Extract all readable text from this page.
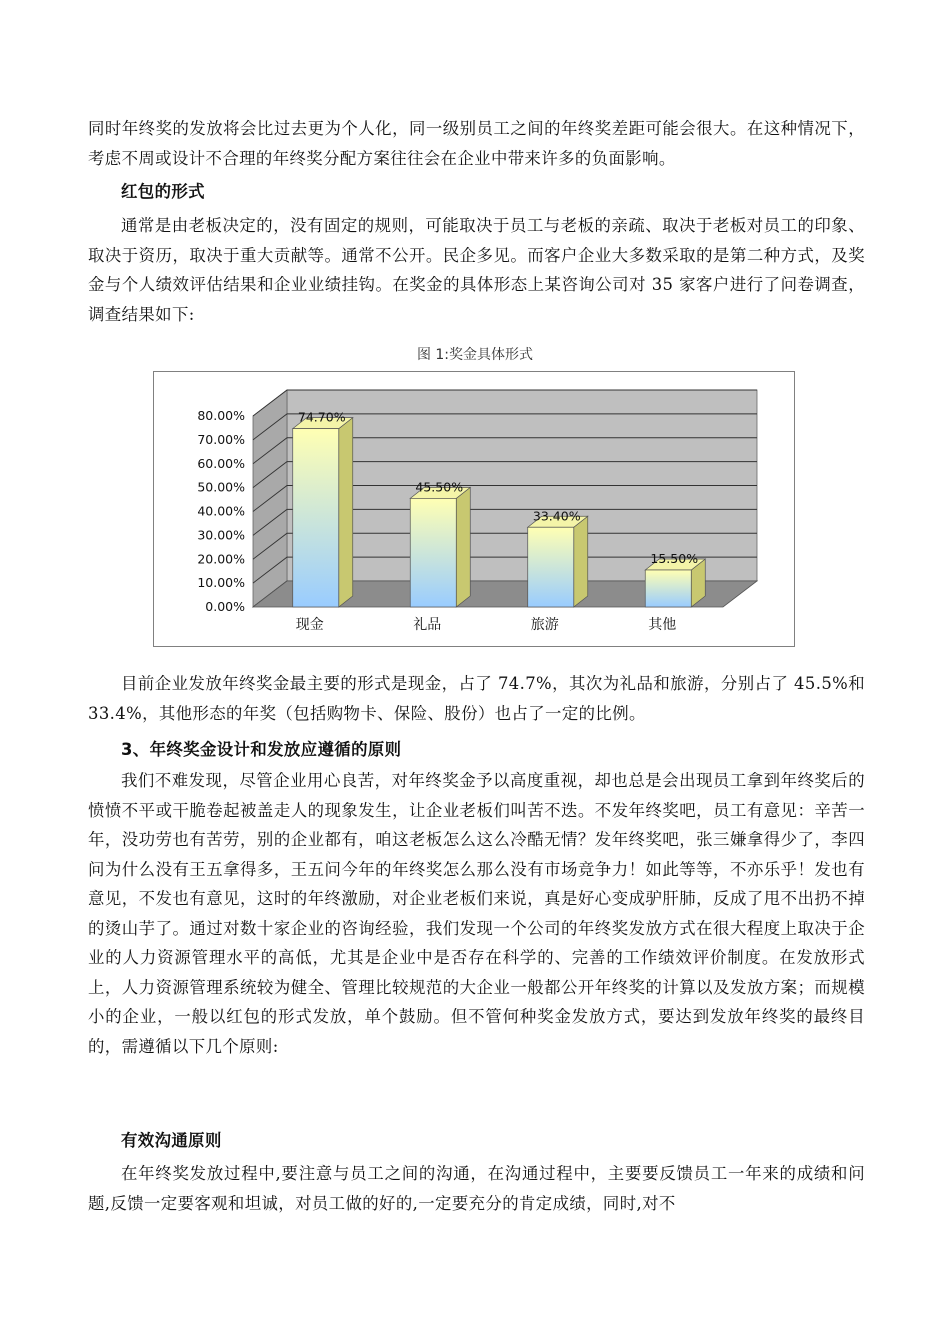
同时年终奖的发放将会比过去更为个人化，同一级别员工之间的年终奖差距可能会很大。在这种情况下，考虑不周或设计不合理的年终奖分配方案往往会在企业中带来许多的负面影响。

红包的形式

通常是由老板决定的，没有固定的规则，可能取决于员工与老板的亲疏、取决于老板对员工的印象、取决于资历，取决于重大贡献等。通常不公开。民企多见。而客户企业大多数采取的是第二种方式，及奖金与个人绩效评估结果和企业业绩挂钩。在奖金的具体形态上某咨询公司对 35 家客户进行了问卷调查，调查结果如下:

图 1:奖金具体形式
0.00%
10.00%
20.00%
30.00%
40.00%
50.00%
60.00%
70.00%
80.00%	74.70%
现金
45.50%
礼品
33.40%
旅游
15.50%
其他

目前企业发放年终奖金最主要的形式是现金，占了 74.7%，其次为礼品和旅游，分别占了 45.5%和 33.4%，其他形态的年奖（包括购物卡、保险、股份）也占了一定的比例。

3、年终奖金设计和发放应遵循的原则

我们不难发现，尽管企业用心良苦，对年终奖金予以高度重视，却也总是会出现员工拿到年终奖后的愤愤不平或干脆卷起被盖走人的现象发生，让企业老板们叫苦不迭。不发年终奖吧，员工有意见：辛苦一年，没功劳也有苦劳，别的企业都有，咱这老板怎么这么冷酷无情？发年终奖吧，张三嫌拿得少了，李四问为什么没有王五拿得多，王五问今年的年终奖怎么那么没有市场竞争力！如此等等，不亦乐乎！发也有意见，不发也有意见，这时的年终激励，对企业老板们来说，真是好心变成驴肝肺，反成了甩不出扔不掉的烫山芋了。通过对数十家企业的咨询经验，我们发现一个公司的年终奖发放方式在很大程度上取决于企业的人力资源管理水平的高低，尤其是企业中是否存在科学的、完善的工作绩效评价制度。在发放形式上，人力资源管理系统较为健全、管理比较规范的大企业一般都公开年终奖的计算以及发放方案；而规模小的企业，一般以红包的形式发放，单个鼓励。但不管何种奖金发放方式，要达到发放年终奖的最终目的，需遵循以下几个原则:

有效沟通原则

在年终奖发放过程中,要注意与员工之间的沟通，在沟通过程中，主要要反馈员工一年来的成绩和问题,反馈一定要客观和坦诚，对员工做的好的,一定要充分的肯定成绩，同时,对不
